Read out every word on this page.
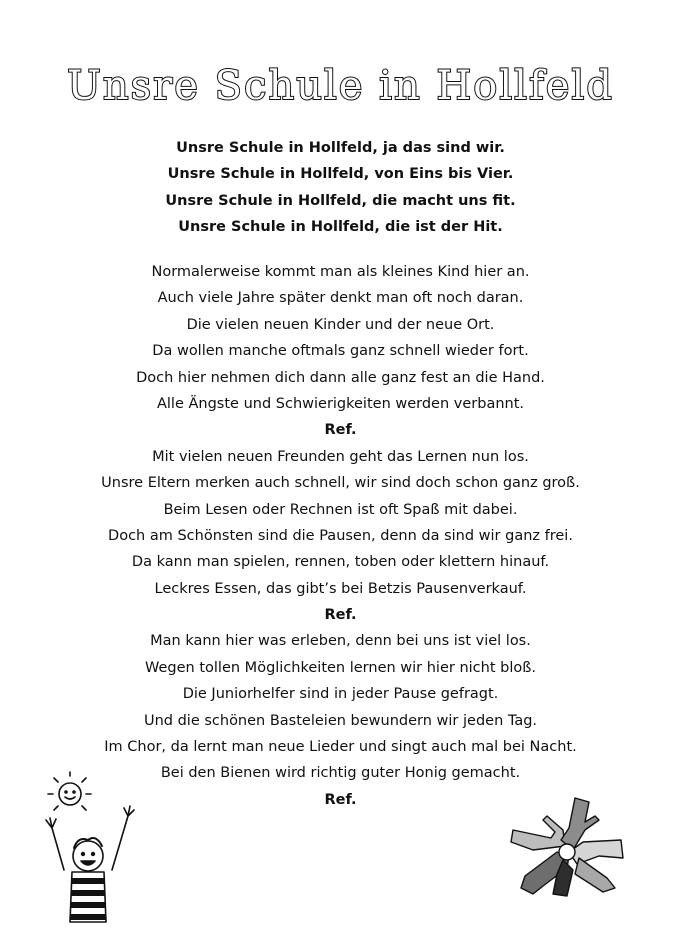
Unsre Schule in Hollfeld
Unsre Schule in Hollfeld, ja das sind wir.
Unsre Schule in Hollfeld, von Eins bis Vier.
Unsre Schule in Hollfeld, die macht uns fit.
Unsre Schule in Hollfeld, die ist der Hit.
Normalerweise kommt man als kleines Kind hier an.
Auch viele Jahre später denkt man oft noch daran.
Die vielen neuen Kinder und der neue Ort.
Da wollen manche oftmals ganz schnell wieder fort.
Doch hier nehmen dich dann alle ganz fest an die Hand.
Alle Ängste und Schwierigkeiten werden verbannt.
Ref.
Mit vielen neuen Freunden geht das Lernen nun los.
Unsre Eltern merken auch schnell, wir sind doch schon ganz groß.
Beim Lesen oder Rechnen ist oft Spaß mit dabei.
Doch am Schönsten sind die Pausen, denn da sind wir ganz frei.
Da kann man spielen, rennen, toben oder klettern hinauf.
Leckres Essen, das gibt’s bei Betzis Pausenverkauf.
Ref.
Man kann hier was erleben, denn bei uns ist viel los.
Wegen tollen Möglichkeiten lernen wir hier nicht bloß.
Die Juniorhelfer sind in jeder Pause gefragt.
Und die schönen Basteleien bewundern wir jeden Tag.
Im Chor, da lernt man neue Lieder und singt auch mal bei Nacht.
Bei den Bienen wird richtig guter Honig gemacht.
Ref.
